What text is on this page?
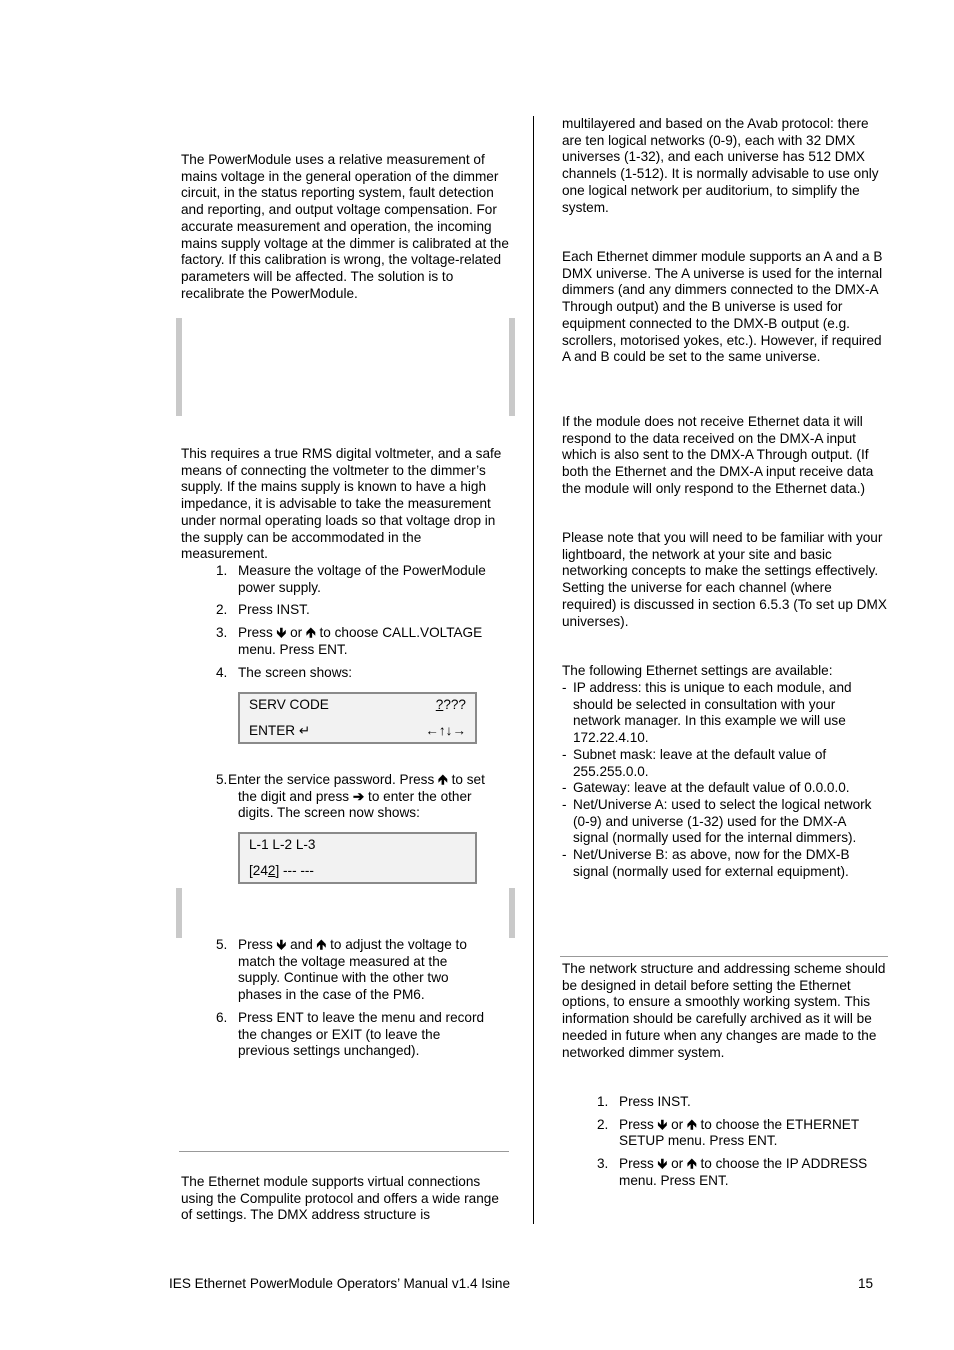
The PowerModule uses a relative measurement of mains voltage in the general operation of the dimmer circuit, in the status reporting system, fault detection and reporting, and output voltage compensation. For accurate measurement and operation, the incoming mains supply voltage at the dimmer is calibrated at the factory. If this calibration is wrong, the voltage-related parameters will be affected. The solution is to recalibrate the PowerModule.

This requires a true RMS digital voltmeter, and a safe means of connecting the voltmeter to the dimmer’s supply. If the mains supply is known to have a high impedance, it is advisable to take the measurement under normal operating loads so that voltage drop in the supply can be accommodated in the measurement.

1. Measure the voltage of the PowerModule power supply.
2. Press INST.
3. Press 🡻 or 🡹 to choose CALL.VOLTAGE menu. Press ENT.
4. The screen shows:
SERV CODE	????
ENTER ↵	←↑↓→
5. Enter the service password. Press 🡹 to set the digit and press ➔ to enter the other digits. The screen now shows:
L-1 L-2 L-3
[242] --- ---
5. Press 🡻 and 🡹 to adjust the voltage to match the voltage measured at the supply. Continue with the other two phases in the case of the PM6.
6. Press ENT to leave the menu and record the changes or EXIT (to leave the previous settings unchanged).

The Ethernet module supports virtual connections using the Compulite protocol and offers a wide range of settings. The DMX address structure is

multilayered and based on the Avab protocol: there are ten logical networks (0-9), each with 32 DMX universes (1-32), and each universe has 512 DMX channels (1-512). It is normally advisable to use only one logical network per auditorium, to simplify the system.

Each Ethernet dimmer module supports an A and a B DMX universe. The A universe is used for the internal dimmers (and any dimmers connected to the DMX-A Through output) and the B universe is used for equipment connected to the DMX-B output (e.g. scrollers, motorised yokes, etc.). However, if required A and B could be set to the same universe.

If the module does not receive Ethernet data it will respond to the data received on the DMX-A input which is also sent to the DMX-A Through output. (If both the Ethernet and the DMX-A input receive data the module will only respond to the Ethernet data.)

Please note that you will need to be familiar with your lightboard, the network at your site and basic networking concepts to make the settings effectively. Setting the universe for each channel (where required) is discussed in section 6.5.3 (To set up DMX universes).

The following Ethernet settings are available:

- IP address: this is unique to each module, and should be selected in consultation with your network manager. In this example we will use 172.22.4.10.
- Subnet mask: leave at the default value of 255.255.0.0.
- Gateway: leave at the default value of 0.0.0.0.
- Net/Universe A: used to select the logical network (0-9) and universe (1-32) used for the DMX-A signal (normally used for the internal dimmers).
- Net/Universe B: as above, now for the DMX-B signal (normally used for external equipment).

The network structure and addressing scheme should be designed in detail before setting the Ethernet options, to ensure a smoothly working system. This information should be carefully archived as it will be needed in future when any changes are made to the networked dimmer system.

1. Press INST.
2. Press 🡻 or 🡹 to choose the ETHERNET SETUP menu. Press ENT.
3. Press 🡻 or 🡹 to choose the IP ADDRESS menu. Press ENT.
IES Ethernet PowerModule Operators’ Manual v1.4 Isine	15
